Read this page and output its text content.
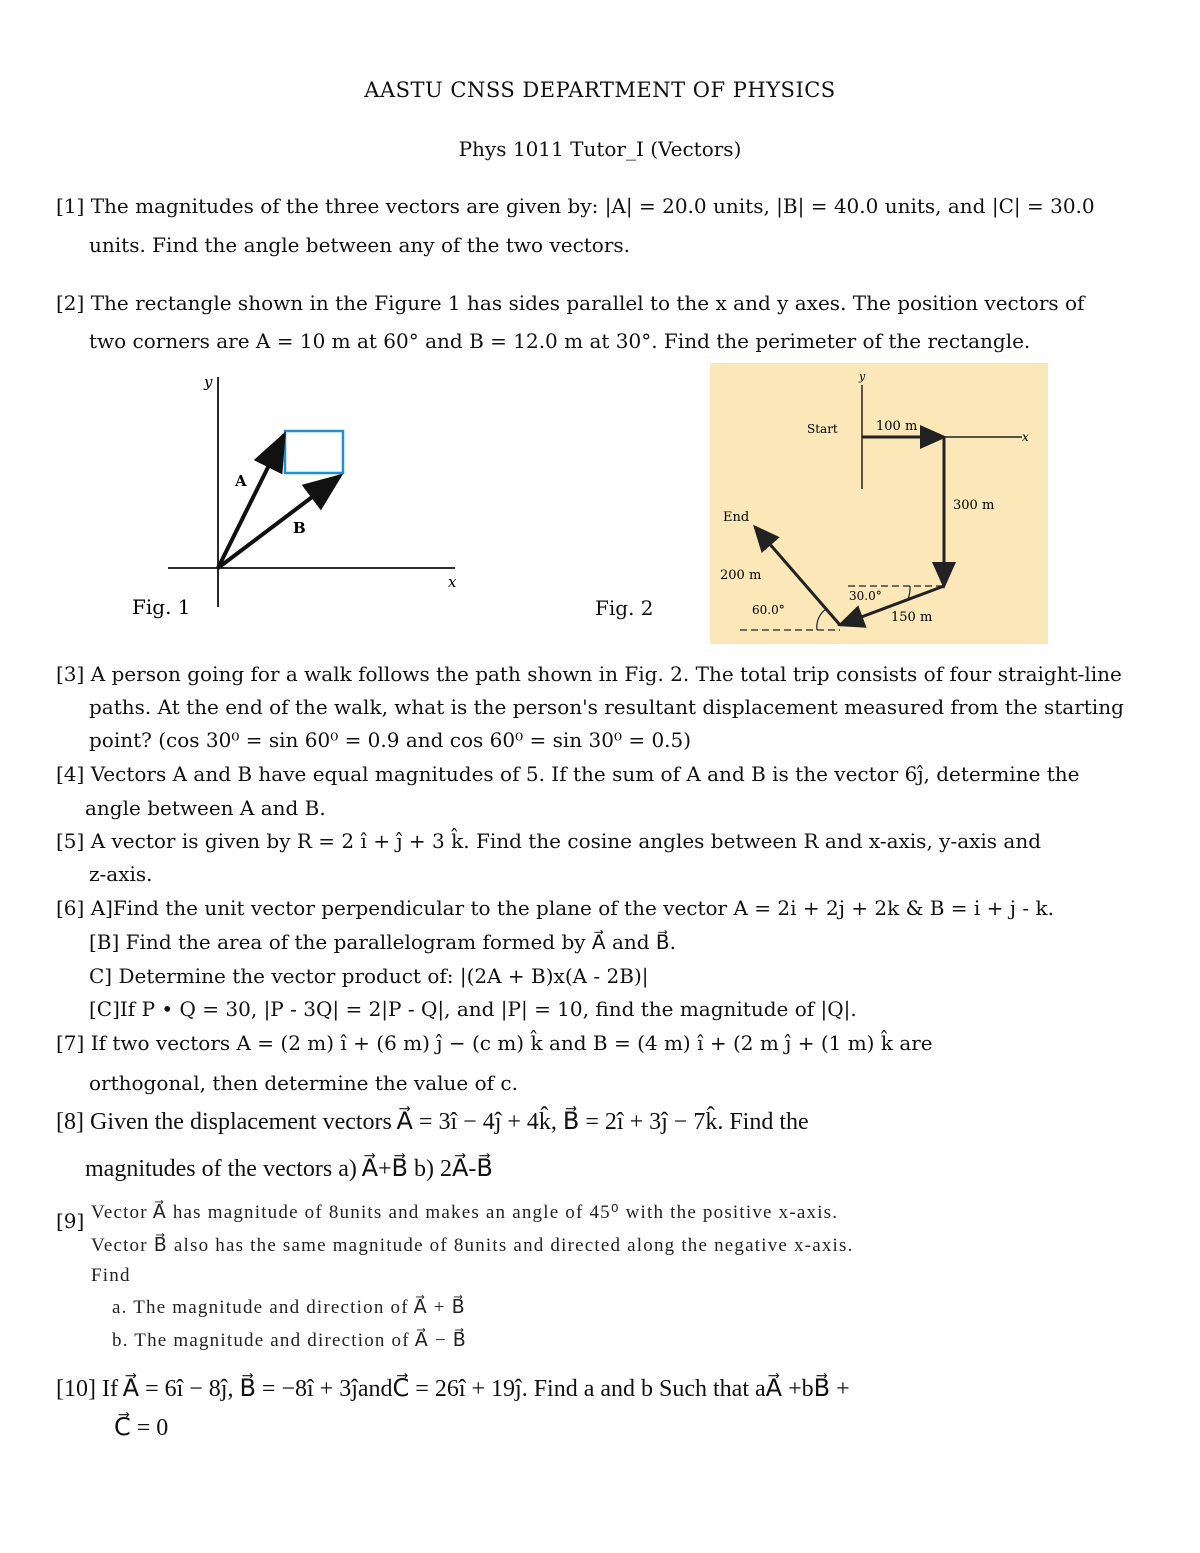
AASTU CNSS DEPARTMENT OF PHYSICS
Phys 1011 Tutor_I (Vectors)
[1] The magnitudes of the three vectors are given by: |A| = 20.0 units, |B| = 40.0 units, and |C| = 30.0
units. Find the angle between any of the two vectors.
[2] The rectangle shown in the Figure 1 has sides parallel to the x and y axes. The position vectors of
two corners are A = 10 m at 60° and B = 12.0 m at 30°. Find the perimeter of the rectangle.
y
x
A
B
Fig. 1	Fig. 2
y
x
Start	100 m
300 m
150 m
200 m
End
30.0°
60.0°
[3] A person going for a walk follows the path shown in Fig. 2. The total trip consists of four straight-line
paths. At the end of the walk, what is the person's resultant displacement measured from the starting
point? (cos 30⁰ = sin 60⁰ = 0.9 and cos 60⁰ = sin 30⁰ = 0.5)
[4] Vectors A and B have equal magnitudes of 5. If the sum of A and B is the vector 6ĵ, determine the
angle between A and B.
[5] A vector is given by R = 2 î + ĵ + 3 k̂. Find the cosine angles between R and x-axis, y-axis and
z-axis.
[6] A]Find the unit vector perpendicular to the plane of the vector A = 2i + 2j + 2k & B = i + j - k.
[B] Find the area of the parallelogram formed by A⃗ and B⃗.
C] Determine the vector product of: |(2A + B)x(A - 2B)|
[C]If P • Q = 30, |P - 3Q| = 2|P - Q|, and |P| = 10, find the magnitude of |Q|.
[7] If two vectors A = (2 m) î + (6 m) ĵ − (c m) k̂ and B = (4 m) î + (2 m ĵ + (1 m) k̂ are
orthogonal, then determine the value of c.
[8] Given the displacement vectors A⃗ = 3î − 4ĵ + 4k̂, B⃗ = 2î + 3ĵ − 7k̂. Find the
magnitudes of the vectors a) A⃗+B⃗ b) 2A⃗-B⃗
[9] Vector A⃗ has magnitude of 8units and makes an angle of 45⁰ with the positive x-axis.
Vector B⃗ also has the same magnitude of 8units and directed along the negative x-axis.
Find
a. The magnitude and direction of A⃗ + B⃗
b. The magnitude and direction of A⃗ − B⃗
[10] If A⃗ = 6î − 8ĵ, B⃗ = −8î + 3ĵandC⃗ = 26î + 19ĵ. Find a and b Such that aA⃗ +bB⃗ +
C⃗ = 0
